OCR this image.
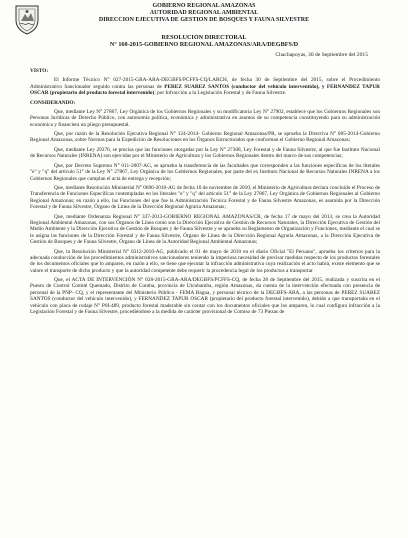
GOBIERNO REGIONAL AMAZONAS
AUTORIDAD REGIONAL AMBIENTAL
DIRECCIÓN EJECUTIVA DE GESTIÓN DE BOSQUES Y FAUNA SILVESTRE
RESOLUCIÓN DIRECTORAL
N° 160-2015-GOBIERNO REGIONAL AMAZONAS/ARA/DEGBFS/D
Chachapoyas, 30 de Septiembre del 2015
VISTO:

El Informe Técnico N° 027-2015-GRA-ARA-DEGBFS/PCFFS-CQ/LARCH, de fecha 30 de Septiembre del 2015, sobre el Procedimiento Administrativo Sancionador seguido contra las personas de PEREZ SUAREZ SANTOS (conductor del vehículo interventido), y FERNANDEZ TAPUR OSCAR (propietario del producto forestal intervenido); por Infracción a la Legislación Forestal y de Fauna Silvestre.

CONSIDERANDO:

Que, mediante Ley N° 27867, Ley Orgánica de los Gobiernos Regionales y su modificatoria Ley N° 27902, establece que los Gobiernos Regionales son Personas Jurídicas de Derecho Público, con autonomía política, económica y administrativa en asuntos de su competencia constituyendo para su administración económica y financiera un pliego presupuestal.

Que, por razón de la Resolución Ejecutiva Regional N° 124-2014- Gobierno Regional Amazonas/PR, se aprueba la Directiva N° 005-2014-Gobierno Regional Amazonas, sobre Normas para la Expedición de Resoluciones en los Órganos Estructurados que conforman el Gobierno Regional Amazonas;

Que, mediante Ley 29376, se precisa que las funciones otorgadas por la Ley N° 27308, Ley Forestal y de Fauna Silvestre, al que fue Instituto Nacional de Recursos Naturales (INRENA) son ejercidas por el Ministerio de Agricultura y los Gobiernos Regionales dentro del marco de sus competencias;

Que, por Decreto Supremo N° 011-2007-AG, se aprueba la transferencia de las facultades que corresponden a las funciones específicas de los literales "e" y "q" del artículo 51° de la Ley N° 27867, Ley Orgánica de los Gobiernos Regionales, por parte del ex Instituto Nacional de Recursos Naturales INRENA a los Gobiernos Regionales que cumplan el acta de entrega y recepción;

Que, mediante Resolución Ministerial N° 0696-2010-AG de fecha 10 de noviembre de 2010, el Ministerio de Agricultura declara concluido el Proceso de Transferencia de Funciones Específicas contempladas en los literales "e" y "q" del artículo 51° de la Ley 27867, Ley Orgánica de Gobiernos Regionales al Gobierno Regional Amazonas; en razón a ello, las Funciones del que fue la Administración Técnica Forestal y de Fauna Silvestre Amazonas, es asumida por la Dirección Forestal y de Fauna Silvestre, Órgano de Línea de la Dirección Regional Agraria Amazonas;

Que, mediante Ordenanza Regional N° 337-2013-GOBIERNO REGIONAL AMAZONAS/CR, de fecha 17 de mayo del 2013, se crea la Autoridad Regional Ambiental Amazonas, con sus Órganos de Línea como son la Dirección Ejecutiva de Gestión de Recursos Naturales, la Dirección Ejecutiva de Gestión del Medio Ambiente y la Dirección Ejecutiva de Gestión de Bosques y de Fauna Silvestre y se aprueba su Reglamento de Organización y Funciones, mediante el cual se le asigna las funciones de la Dirección Forestal y de Fauna Silvestre, Órgano de Línea de la Dirección Regional Agraria Amazonas, a la Dirección Ejecutiva de Gestión de Bosques y de Fauna Silvestre, Órgano de Línea de la Autoridad Regional Ambiental Amazonas;

Que, la Resolución Ministerial N° 0312-2010-AG, publicado el 01 de mayo de 2010 en el diario Oficial "El Peruano", aprueba los criterios para la adecuada conducción de los procedimientos administrativos sancionadores teniendo la imperiosa necesidad de precisar medidas respecto de los productos forestales de los documentos oficiales que lo amparen, en razón a ello, se tiene que ejecutar la infracción administrativa cuya realización el acto habrá, existe elemento que se valore el transporte de dicho producto y que la autoridad competente debe requerir la procedencia legal de los productos a transportar

Que, el ACTA DE INTERVENCIÓN N° 028-2015-GRA-ARA/DEGBFS/PCFFS-CQ, de fecha 28 de Septiembre del 2015, realizada y suscrita en el Puesto de Control Comité Quemado, Distrito de Cumba, provincia de Utcubamba, región Amazonas, da cuenta de la intervención efectuada con presencia de personal de la PNP- CQ, y el representante del Ministerio Público - FEMA Bagua, y personal técnico de la DEGBFS-ARA, a las personas de PEREZ SUAREZ SANTOS (conductor del vehículo intervenido), y FERNANDEZ TAPUR OSCAR (propietario del producto forestal intervenido), debido a que transportaba en el vehículo con placa de rodaje N° P0I-489, producto forestal maderable sin contar con los documentos oficiales que los amparen, lo cual configura infracción a la Legislación Forestal y de Fauna Silvestre, procediéndose a la medida de carácter provisional de Comiso de 73 Piezas de
